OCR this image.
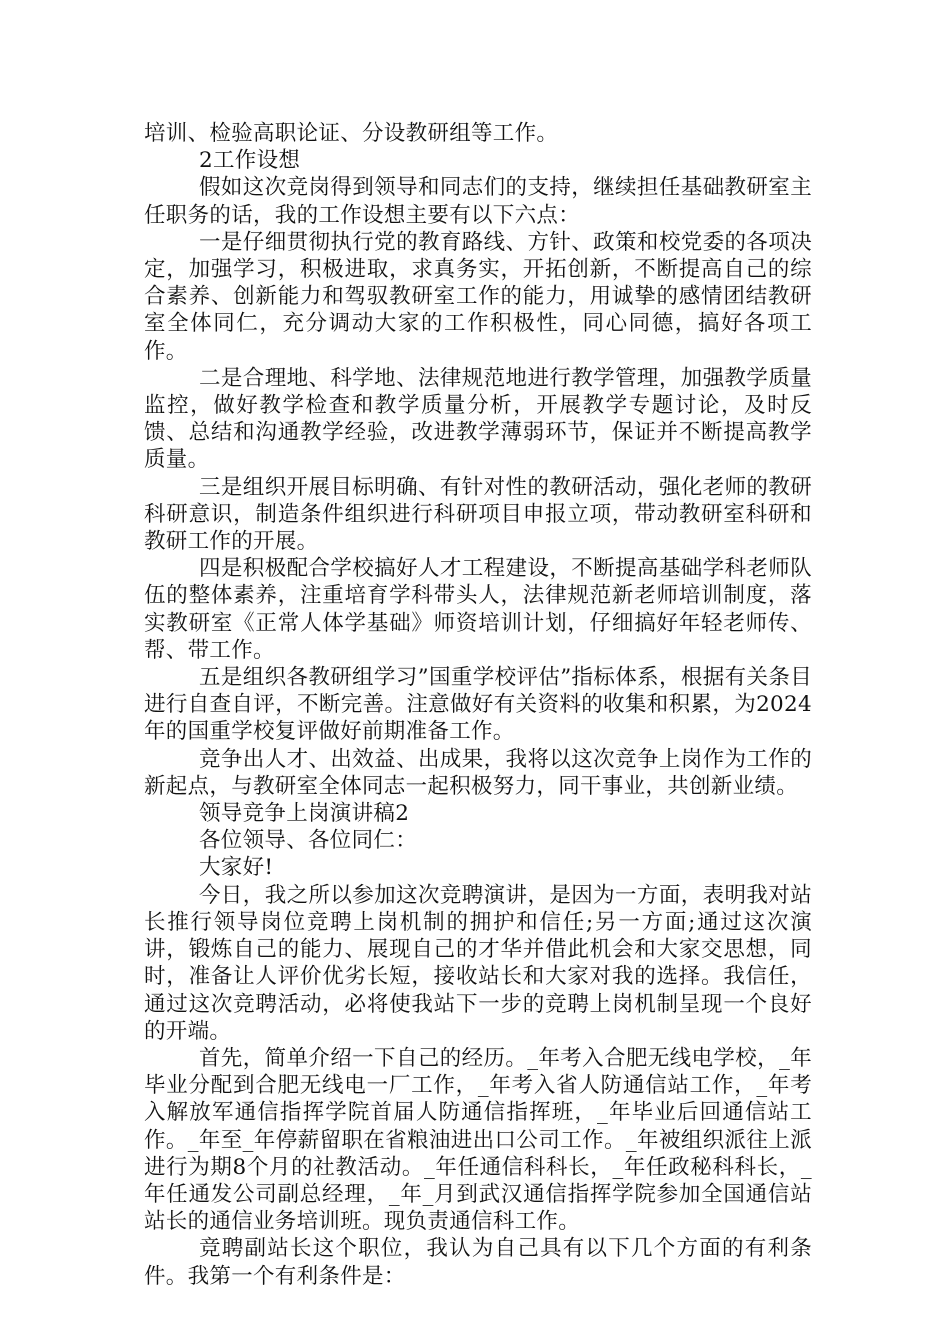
培训、检验高职论证、分设教研组等工作。

2工作设想

假如这次竞岗得到领导和同志们的支持，继续担任基础教研室主任职务的话，我的工作设想主要有以下六点：

一是仔细贯彻执行党的教育路线、方针、政策和校党委的各项决定，加强学习，积极进取，求真务实，开拓创新，不断提高自己的综合素养、创新能力和驾驭教研室工作的能力，用诚挚的感情团结教研室全体同仁，充分调动大家的工作积极性，同心同德，搞好各项工作。

二是合理地、科学地、法律规范地进行教学管理，加强教学质量监控，做好教学检查和教学质量分析，开展教学专题讨论，及时反馈、总结和沟通教学经验，改进教学薄弱环节，保证并不断提高教学质量。

三是组织开展目标明确、有针对性的教研活动，强化老师的教研科研意识，制造条件组织进行科研项目申报立项，带动教研室科研和教研工作的开展。

四是积极配合学校搞好人才工程建设，不断提高基础学科老师队伍的整体素养，注重培育学科带头人，法律规范新老师培训制度，落实教研室《正常人体学基础》师资培训计划，仔细搞好年轻老师传、帮、带工作。

五是组织各教研组学习”国重学校评估”指标体系，根据有关条目进行自查自评，不断完善。注意做好有关资料的收集和积累，为2024年的国重学校复评做好前期准备工作。

竞争出人才、出效益、出成果，我将以这次竞争上岗作为工作的新起点，与教研室全体同志一起积极努力，同干事业，共创新业绩。

领导竞争上岗演讲稿2

各位领导、各位同仁：

大家好!

今日，我之所以参加这次竞聘演讲，是因为一方面，表明我对站长推行领导岗位竞聘上岗机制的拥护和信任;另一方面;通过这次演讲，锻炼自己的能力、展现自己的才华并借此机会和大家交思想，同时，准备让人评价优劣长短，接收站长和大家对我的选择。我信任，通过这次竞聘活动，必将使我站下一步的竞聘上岗机制呈现一个良好的开端。

首先，简单介绍一下自己的经历。_年考入合肥无线电学校，_年毕业分配到合肥无线电一厂工作，_年考入省人防通信站工作，_年考入解放军通信指挥学院首届人防通信指挥班，_年毕业后回通信站工作。_年至_年停薪留职在省粮油进出口公司工作。_年被组织派往上派进行为期8个月的社教活动。_年任通信科科长，_年任政秘科科长，_年任通发公司副总经理，_年_月到武汉通信指挥学院参加全国通信站站长的通信业务培训班。现负责通信科工作。

竞聘副站长这个职位，我认为自己具有以下几个方面的有利条件。我第一个有利条件是：
